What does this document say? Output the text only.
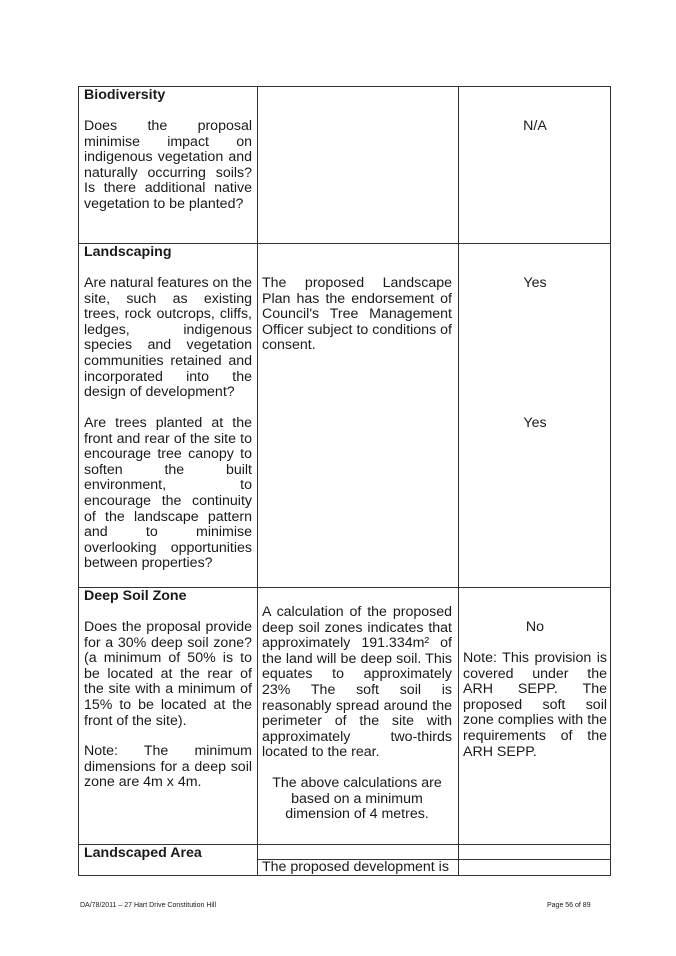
Biodiversity
Does the proposal minimise impact on indigenous vegetation and naturally occurring soils? Is there additional native vegetation to be planted?
N/A
Landscaping
Are natural features on the site, such as existing trees, rock outcrops, cliffs, ledges, indigenous species and vegetation communities retained and incorporated into the design of development?
The proposed Landscape Plan has the endorsement of Council's Tree Management Officer subject to conditions of consent.
Yes
Are trees planted at the front and rear of the site to encourage tree canopy to soften the built environment, to encourage the continuity of the landscape pattern and to minimise overlooking opportunities between properties?
Yes
Deep Soil Zone
Does the proposal provide for a 30% deep soil zone? (a minimum of 50% is to be located at the rear of the site with a minimum of 15% to be located at the front of the site).
Note: The minimum dimensions for a deep soil zone are 4m x 4m.
A calculation of the proposed deep soil zones indicates that approximately 191.334m² of the land will be deep soil. This equates to approximately 23% The soft soil is reasonably spread around the perimeter of the site with approximately two-thirds located to the rear.
The above calculations are based on a minimum dimension of 4 metres.
No
Note: This provision is covered under the ARH SEPP. The proposed soft soil zone complies with the requirements of the ARH SEPP.
Landscaped Area
The proposed development is
DA/78/2011 – 27 Hart Drive Constitution Hill	Page 56 of 89
